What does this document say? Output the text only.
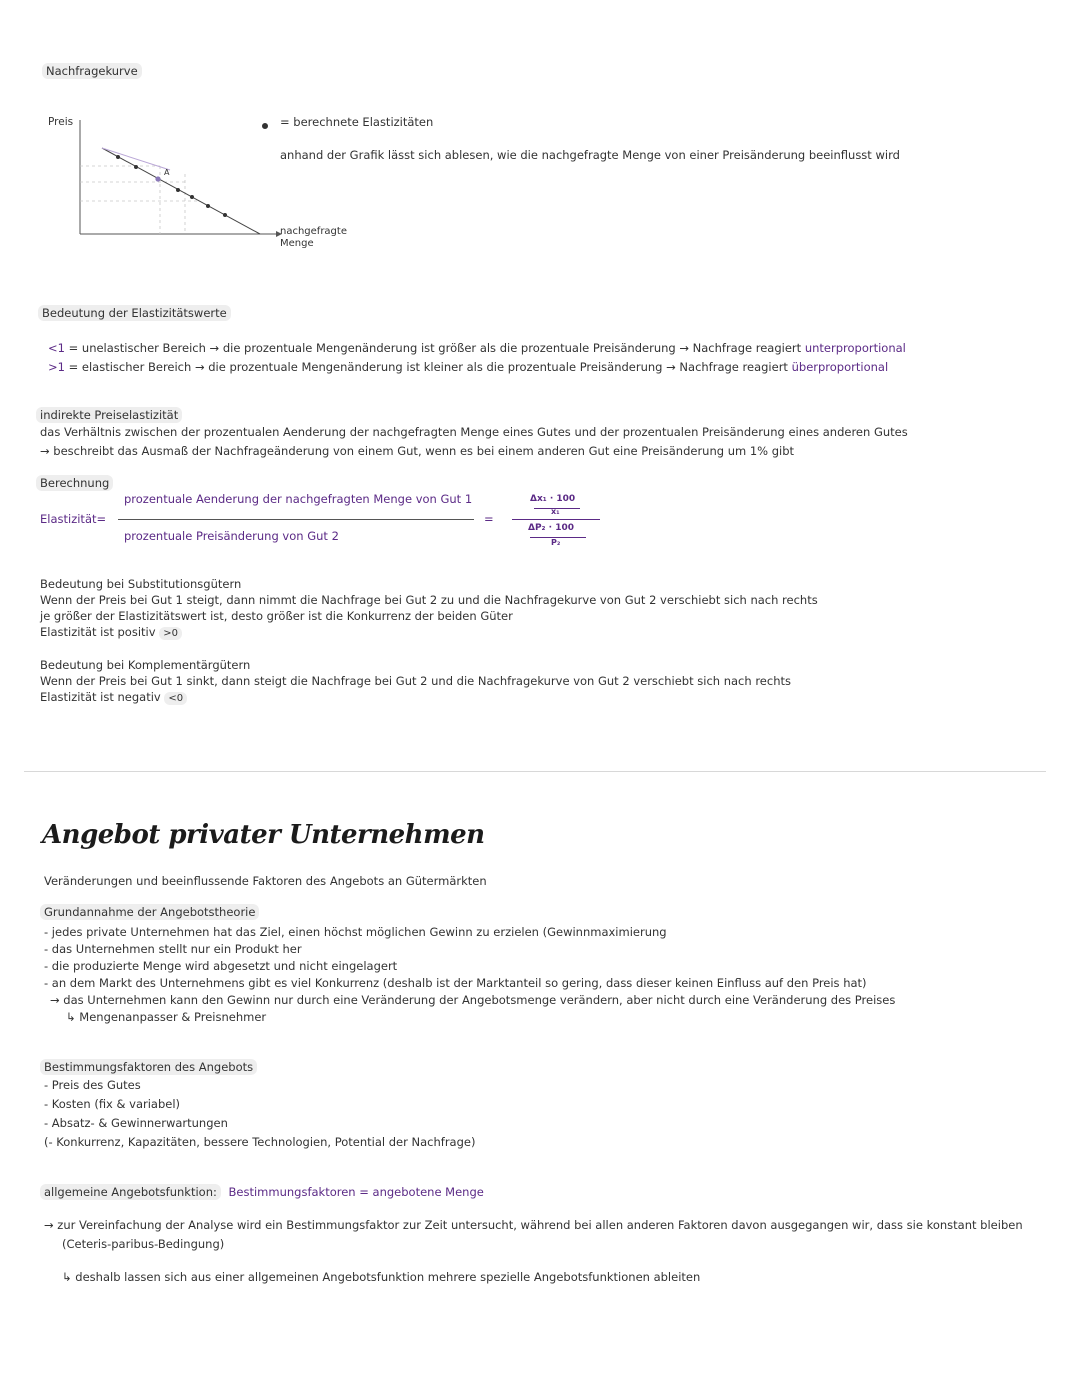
Nachfragekurve
Preis
A
nachgefragte
Menge
= berechnete Elastizitäten
anhand der Grafik lässt sich ablesen, wie die nachgefragte Menge von einer Preisänderung beeinflusst wird
Bedeutung der Elastizitätswerte
<1 = unelastischer Bereich → die prozentuale Mengenänderung ist größer als die prozentuale Preisänderung → Nachfrage reagiert unterproportional
>1 = elastischer Bereich → die prozentuale Mengenänderung ist kleiner als die prozentuale Preisänderung → Nachfrage reagiert überproportional
indirekte Preiselastizität
das Verhältnis zwischen der prozentualen Aenderung der nachgefragten Menge eines Gutes und der prozentualen Preisänderung eines anderen Gutes
→ beschreibt das Ausmaß der Nachfrageänderung von einem Gut, wenn es bei einem anderen Gut eine Preisänderung um 1% gibt
Berechnung
Elastizität=
prozentuale Aenderung der nachgefragten Menge von Gut 1
prozentuale Preisänderung von Gut 2
=
Δx₁ · 100
x₁
ΔP₂ · 100
P₂
Bedeutung bei Substitutionsgütern
Wenn der Preis bei Gut 1 steigt, dann nimmt die Nachfrage bei Gut 2 zu und die Nachfragekurve von Gut 2 verschiebt sich nach rechts
je größer der Elastizitätswert ist, desto größer ist die Konkurrenz der beiden Güter
Elastizität ist positiv >0
Bedeutung bei Komplementärgütern
Wenn der Preis bei Gut 1 sinkt, dann steigt die Nachfrage bei Gut 2 und die Nachfragekurve von Gut 2 verschiebt sich nach rechts
Elastizität ist negativ <0
Angebot privater Unternehmen
Veränderungen und beeinflussende Faktoren des Angebots an Gütermärkten
Grundannahme der Angebotstheorie
- jedes private Unternehmen hat das Ziel, einen höchst möglichen Gewinn zu erzielen (Gewinnmaximierung
- das Unternehmen stellt nur ein Produkt her
- die produzierte Menge wird abgesetzt und nicht eingelagert
- an dem Markt des Unternehmens gibt es viel Konkurrenz (deshalb ist der Marktanteil so gering, dass dieser keinen Einfluss auf den Preis hat)
→ das Unternehmen kann den Gewinn nur durch eine Veränderung der Angebotsmenge verändern, aber nicht durch eine Veränderung des Preises
↳ Mengenanpasser & Preisnehmer
Bestimmungsfaktoren des Angebots
- Preis des Gutes
- Kosten (fix & variabel)
- Absatz- & Gewinnerwartungen
(- Konkurrenz, Kapazitäten, bessere Technologien, Potential der Nachfrage)
allgemeine Angebotsfunktion: Bestimmungsfaktoren = angebotene Menge
→ zur Vereinfachung der Analyse wird ein Bestimmungsfaktor zur Zeit untersucht, während bei allen anderen Faktoren davon ausgegangen wir, dass sie konstant bleiben
(Ceteris-paribus-Bedingung)
↳ deshalb lassen sich aus einer allgemeinen Angebotsfunktion mehrere spezielle Angebotsfunktionen ableiten
